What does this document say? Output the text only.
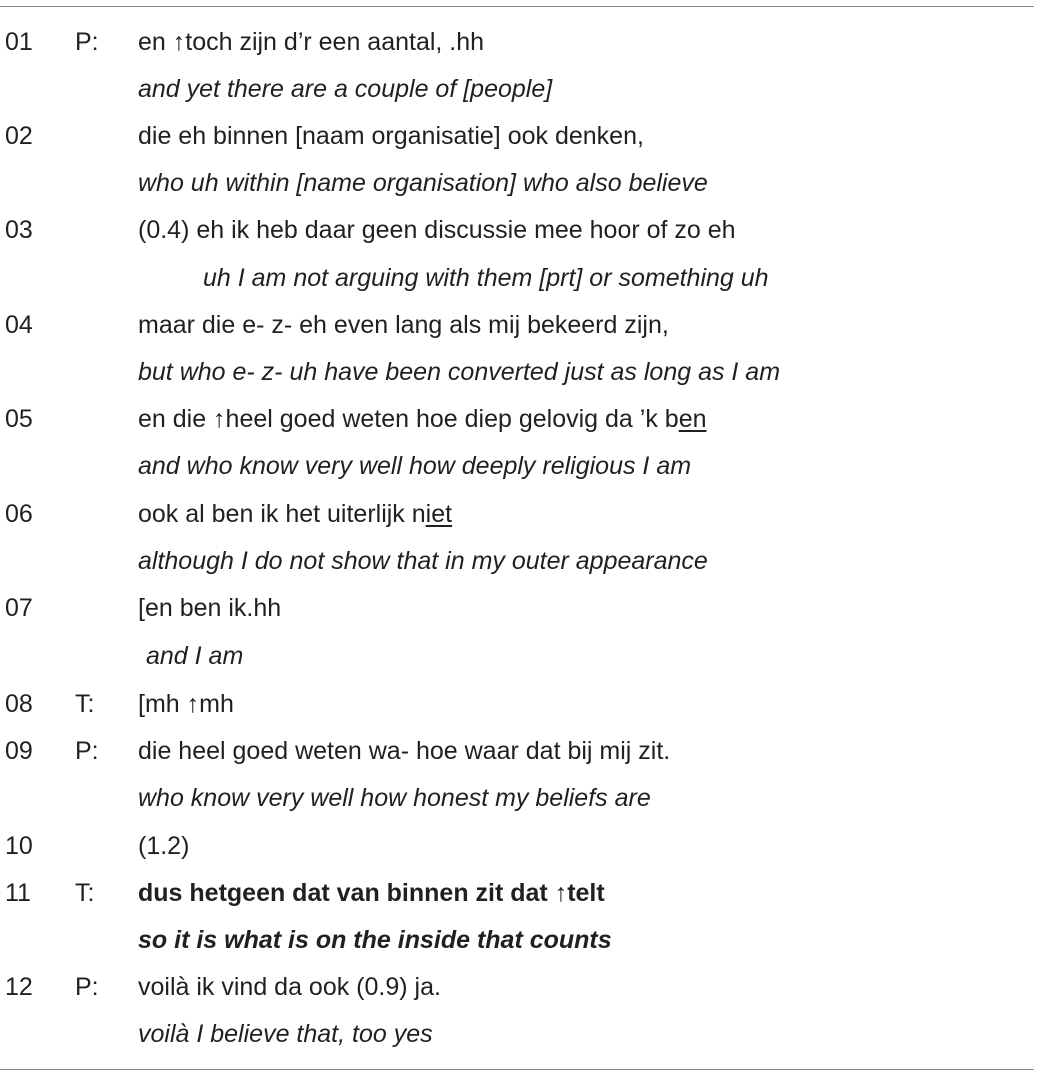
01 P: en ↑toch zijn d’r een aantal, .hh
and yet there are a couple of [people]
02	die eh binnen [naam organisatie] ook denken,
who uh within [name organisation] who also believe
03	(0.4) eh ik heb daar geen discussie mee hoor of zo eh
uh I am not arguing with them [prt] or something uh
04	maar die e- z- eh even lang als mij bekeerd zijn,
but who e- z- uh have been converted just as long as I am
05	en die ↑heel goed weten hoe diep gelovig da ’k ben
and who know very well how deeply religious I am
06	ook al ben ik het uiterlijk niet
although I do not show that in my outer appearance
07	[en ben ik.hh
and I am
08 T: [mh ↑mh
09 P: die heel goed weten wa- hoe waar dat bij mij zit.
who know very well how honest my beliefs are
10	(1.2)
11 T: dus hetgeen dat van binnen zit dat ↑telt
so it is what is on the inside that counts
12 P: voilà ik vind da ook (0.9) ja.
voilà I believe that, too yes
